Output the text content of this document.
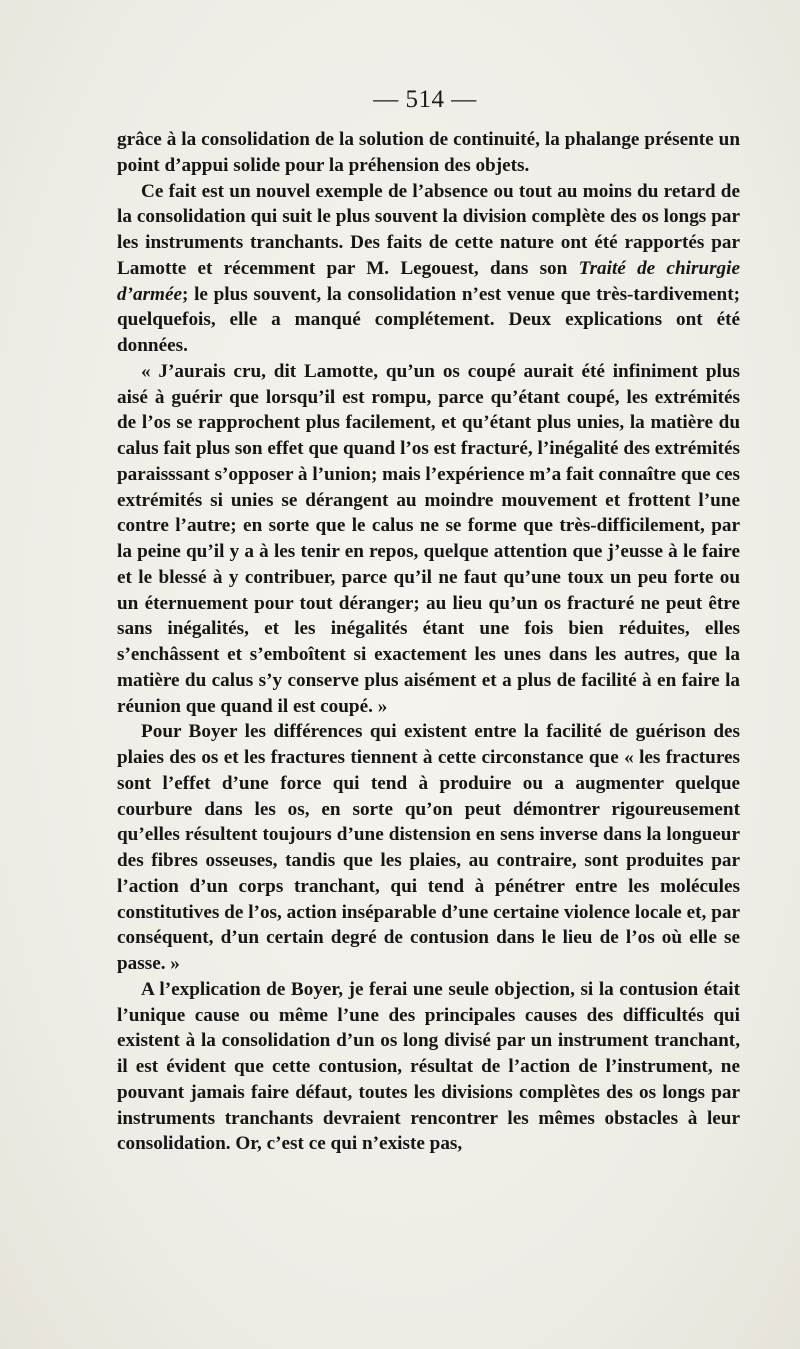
— 514 —

grâce à la consolidation de la solution de continuité, la phalange présente un point d’appui solide pour la préhension des objets.

Ce fait est un nouvel exemple de l’absence ou tout au moins du retard de la consolidation qui suit le plus souvent la division complète des os longs par les instruments tranchants. Des faits de cette nature ont été rapportés par Lamotte et récemment par M. Legouest, dans son Traité de chirurgie d’armée; le plus souvent, la consolidation n’est venue que très-tardivement; quelquefois, elle a manqué complétement. Deux explications ont été données.

« J’aurais cru, dit Lamotte, qu’un os coupé aurait été infiniment plus aisé à guérir que lorsqu’il est rompu, parce qu’étant coupé, les extrémités de l’os se rapprochent plus facilement, et qu’étant plus unies, la matière du calus fait plus son effet que quand l’os est fracturé, l’inégalité des extrémités paraisssant s’opposer à l’union; mais l’expérience m’a fait connaître que ces extrémités si unies se dérangent au moindre mouvement et frottent l’une contre l’autre; en sorte que le calus ne se forme que très-difficilement, par la peine qu’il y a à les tenir en repos, quelque attention que j’eusse à le faire et le blessé à y contribuer, parce qu’il ne faut qu’une toux un peu forte ou un éternuement pour tout déranger; au lieu qu’un os fracturé ne peut être sans inégalités, et les inégalités étant une fois bien réduites, elles s’enchâssent et s’emboîtent si exactement les unes dans les autres, que la matière du calus s’y conserve plus aisément et a plus de facilité à en faire la réunion que quand il est coupé. »

Pour Boyer les différences qui existent entre la facilité de guérison des plaies des os et les fractures tiennent à cette circonstance que « les fractures sont l’effet d’une force qui tend à produire ou a augmenter quelque courbure dans les os, en sorte qu’on peut démontrer rigoureusement qu’elles résultent toujours d’une distension en sens inverse dans la longueur des fibres osseuses, tandis que les plaies, au contraire, sont produites par l’action d’un corps tranchant, qui tend à pénétrer entre les molécules constitutives de l’os, action inséparable d’une certaine violence locale et, par conséquent, d’un certain degré de contusion dans le lieu de l’os où elle se passe. »

A l’explication de Boyer, je ferai une seule objection, si la contusion était l’unique cause ou même l’une des principales causes des difficultés qui existent à la consolidation d’un os long divisé par un instrument tranchant, il est évident que cette contusion, résultat de l’action de l’instrument, ne pouvant jamais faire défaut, toutes les divisions complètes des os longs par instruments tranchants devraient rencontrer les mêmes obstacles à leur consolidation. Or, c’est ce qui n’existe pas,
